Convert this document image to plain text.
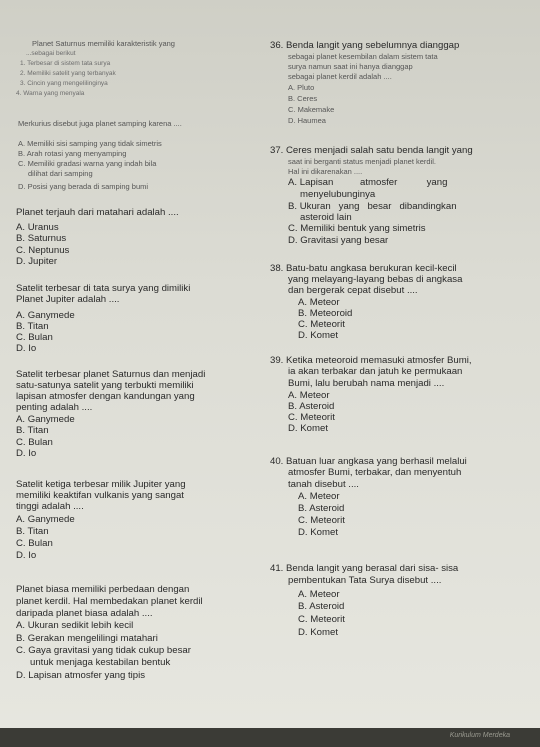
Planet Saturnus memiliki karakteristik yang
...sebagai berikut
1. Terbesar di sistem tata surya
2. Memiliki satelit yang terbanyak
3. Cincin yang mengelilinginya
4. Warna yang menyala
Merkurius disebut juga planet samping karena ....
A. Memiliki sisi samping yang tidak simetris
B. Arah rotasi yang menyamping
C. Memiliki gradasi warna yang indah bila
dilihat dari samping
D. Posisi yang berada di samping bumi
Planet terjauh dari matahari adalah ....
A. Uranus
B. Saturnus
C. Neptunus
D. Jupiter
Satelit terbesar di tata surya yang dimiliki
Planet Jupiter adalah ....
A. Ganymede
B. Titan
C. Bulan
D. Io
Satelit terbesar planet Saturnus dan menjadi
satu-satunya satelit yang terbukti memiliki
lapisan atmosfer dengan kandungan yang
penting adalah ....
A. Ganymede
B. Titan
C. Bulan
D. Io
Satelit ketiga terbesar milik Jupiter yang
memiliki keaktifan vulkanis yang sangat
tinggi adalah ....
A. Ganymede
B. Titan
C. Bulan
D. Io
Planet biasa memiliki perbedaan dengan
planet kerdil. Hal membedakan planet kerdil
daripada planet biasa adalah ....
A. Ukuran sedikit lebih kecil
B. Gerakan mengelilingi matahari
C. Gaya gravitasi yang tidak cukup besar
untuk menjaga kestabilan bentuk
D. Lapisan atmosfer yang tipis
36. Benda langit yang sebelumnya dianggap
sebagai planet kesembilan dalam sistem tata
surya namun saat ini hanya dianggap
sebagai planet kerdil adalah ....
A. Pluto
B. Ceres
C. Makemake
D. Haumea
37. Ceres menjadi salah satu benda langit yang
saat ini berganti status menjadi planet kerdil.
Hal ini dikarenakan ....
A. Lapisan          atmosfer           yang
menyelubunginya
B. Ukuran   yang   besar   dibandingkan
asteroid lain
C. Memiliki bentuk yang simetris
D. Gravitasi yang besar
38. Batu-batu angkasa berukuran kecil-kecil
yang melayang-layang bebas di angkasa
dan bergerak cepat disebut ....
A. Meteor
B. Meteoroid
C. Meteorit
D. Komet
39. Ketika meteoroid memasuki atmosfer Bumi,
ia akan terbakar dan jatuh ke permukaan
Bumi, lalu berubah nama menjadi ....
A. Meteor
B. Asteroid
C. Meteorit
D. Komet
40. Batuan luar angkasa yang berhasil melalui
atmosfer Bumi, terbakar, dan menyentuh
tanah disebut ....
A. Meteor
B. Asteroid
C. Meteorit
D. Komet
41. Benda langit yang berasal dari sisa- sisa
pembentukan Tata Surya disebut ....
A. Meteor
B. Asteroid
C. Meteorit
D. Komet
Kurikulum Merdeka
